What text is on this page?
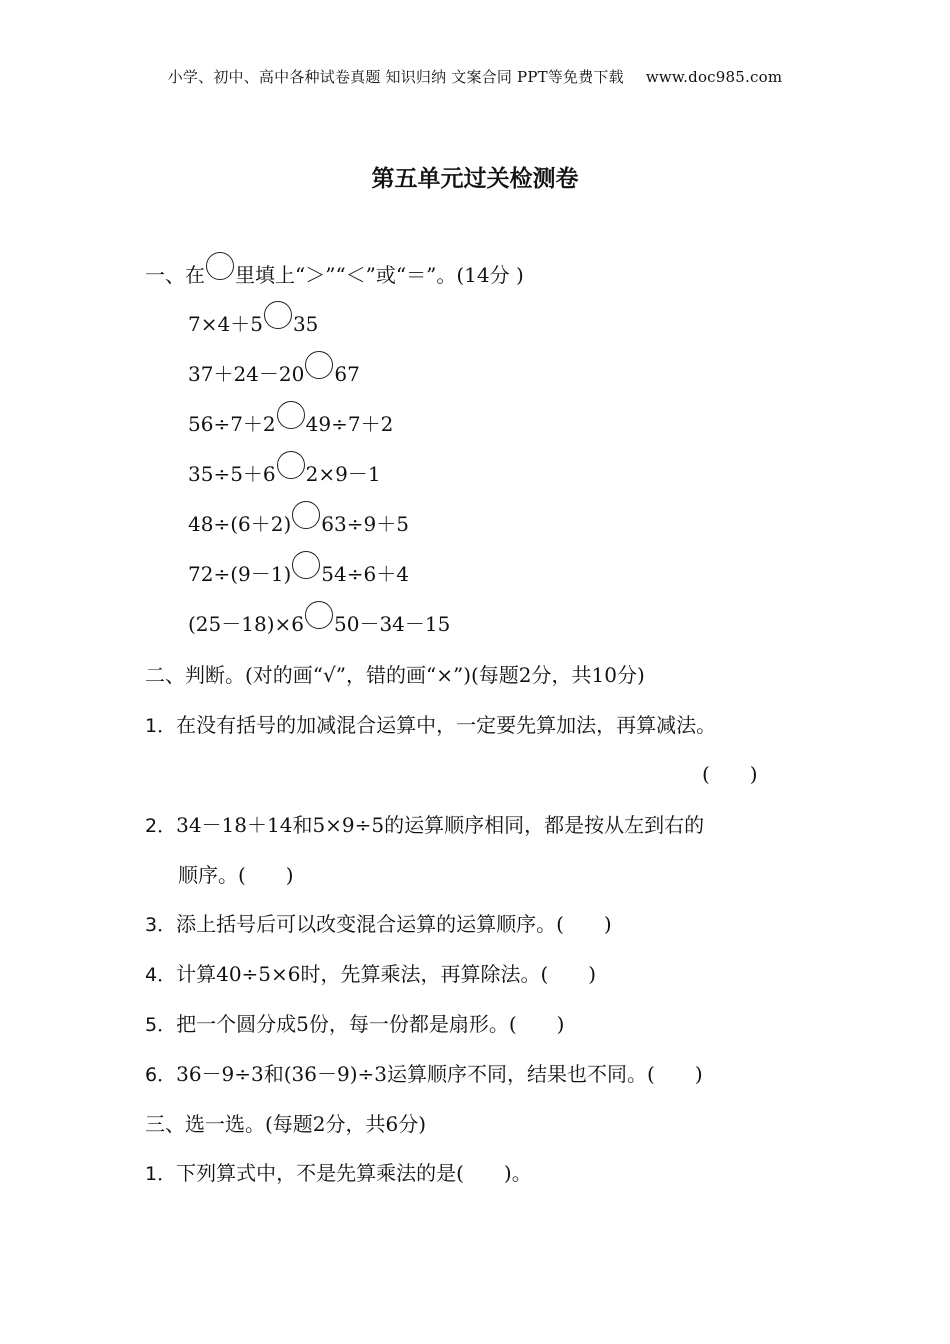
小学、初中、高中各种试卷真题 知识归纳 文案合同 PPT等免费下载 www.doc985.com
第五单元过关检测卷
一、在 里填上“＞”“＜”或“＝”。(14分 )
7×4＋5 35
37＋24－20 67
56÷7＋2 49÷7＋2
35÷5＋6 2×9－1
48÷(6＋2) 63÷9＋5
72÷(9－1) 54÷6＋4
(25－18)×6 50－34－15
二、判断。(对的画“√”，错的画“×”)(每题2分，共10分)
1．在没有括号的加减混合运算中，一定要先算加法，再算减法。
(　　)
2．34－18＋14和5×9÷5的运算顺序相同，都是按从左到右的
顺序。(　　)
3．添上括号后可以改变混合运算的运算顺序。(　　)
4．计算40÷5×6时，先算乘法，再算除法。(　　)
5．把一个圆分成5份，每一份都是扇形。(　　)
6．36－9÷3和(36－9)÷3运算顺序不同，结果也不同。(　　)
三、选一选。(每题2分，共6分)
1．下列算式中，不是先算乘法的是(　　)。
